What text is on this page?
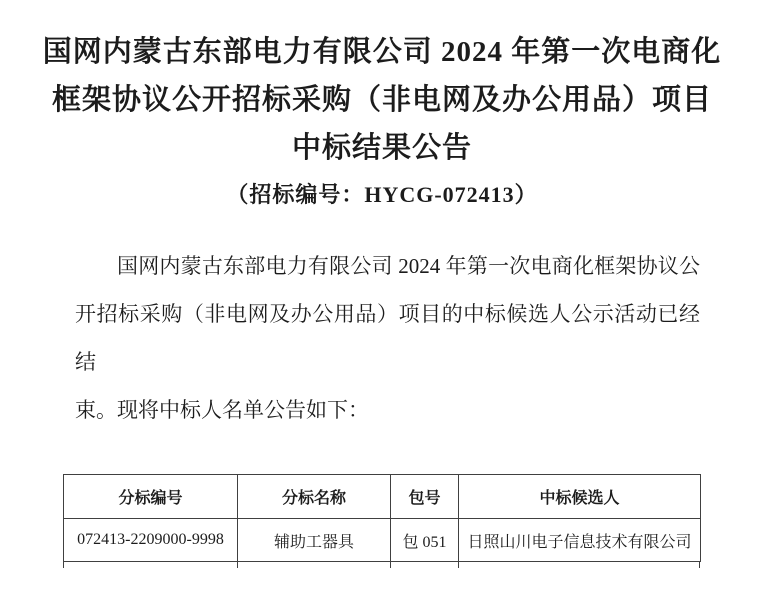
国网内蒙古东部电力有限公司 2024 年第一次电商化
框架协议公开招标采购（非电网及办公用品）项目
中标结果公告
（招标编号：HYCG-072413）
国网内蒙古东部电力有限公司 2024 年第一次电商化框架协议公
开招标采购（非电网及办公用品）项目的中标候选人公示活动已经结
束。现将中标人名单公告如下：
分标编号	分标名称	包号	中标候选人
072413-2209000-9998	辅助工器具	包 051	日照山川电子信息技术有限公司
